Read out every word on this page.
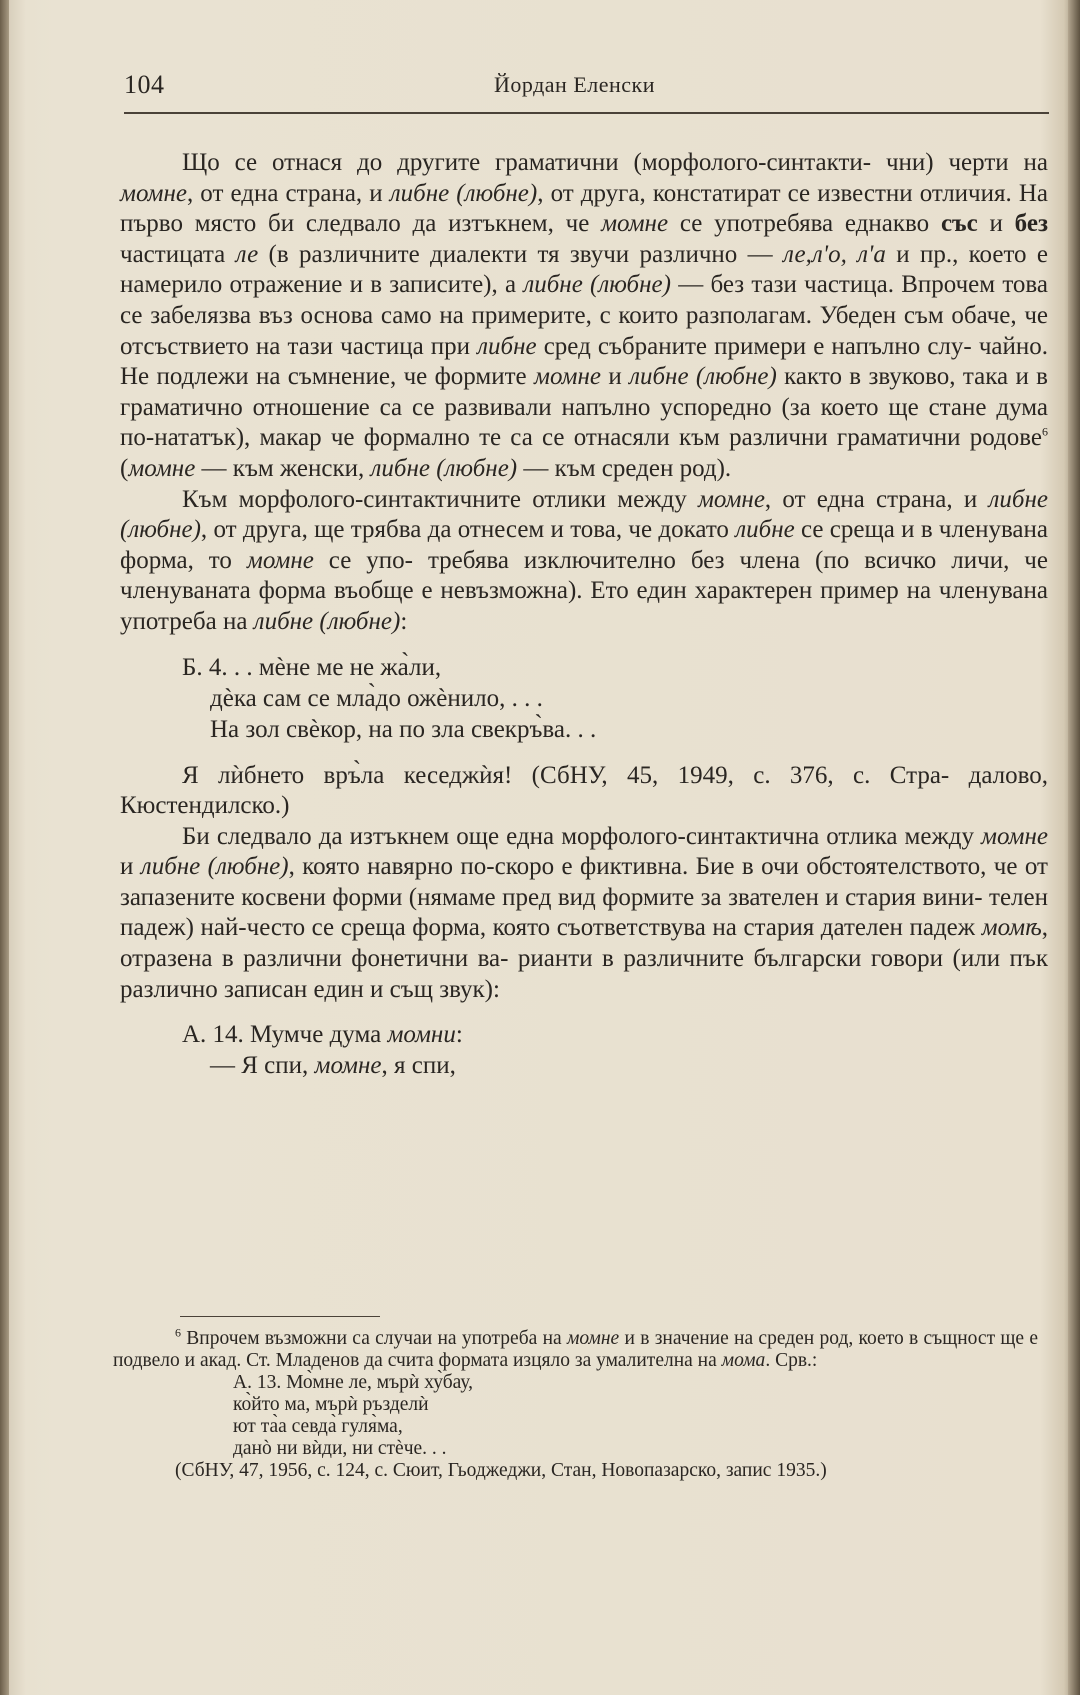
104	Йордан Еленски

Що се отнася до другите граматични (морфолого-синтакти- чни) черти на момне, от една страна, и либне (любне), от друга, констатират се известни отличия. На първо място би следвало да изтъкнем, че момне се употребява еднакво със и без частицата ле (в различните диалекти тя звучи различно — ле,л'о, л'а и пр., което е намерило отражение и в записите), а либне (любне) — без тази частица. Впрочем това се забелязва въз основа само на примерите, с които разполагам. Убеден съм обаче, че отсъствието на тази частица при либне сред събраните примери е напълно слу- чайно. Не подлежи на съмнение, че формите момне и либне (любне) както в звуково, така и в граматично отношение са се развивали напълно успоредно (за което ще стане дума по-нататък), макар че формално те са се отнасяли към различни граматични родове$^6$ (момне — към женски, либне (любне) — към среден род).

Към морфолого-синтактичните отлики между момне, от една страна, и либне (любне), от друга, ще трябва да отнесем и това, че докато либне се среща и в членувана форма, то момне се упо- требява изключително без члена (по всичко личи, че членуваната форма въобще е невъзможна). Ето един характерен пример на членувана употреба на либне (любне):

Б. 4. . . мѐне ме не жа̀ли,
дѐка сам се мла̀до ожѐнило, . . .
На зол свѐкор, на по зла свекръ̀ва. . .

Я лѝбнето връ̀ла кеседжѝя! (СбНУ, 45, 1949, с. 376, с. Стра- далово, Кюстендилско.)

Би следвало да изтъкнем още една морфолого-синтактична отлика между момне и либне (любне), която навярно по-скоро е фиктивна. Бие в очи обстоятелството, че от запазените косвени форми (нямаме пред вид формите за звателен и стария вини- телен падеж) най-често се среща форма, която съответствува на стария дателен падеж момѣ, отразена в различни фонетични ва- рианти в различните български говори (или пък различно записан един и същ звук):

А. 14. Мумче дума момни:
— Я спи, момне, я спи,

$^6$ Впрочем възможни са случаи на употреба на момне и в значение на среден род, което в същност ще е подвело и акад. Ст. Младенов да счита формата изцяло за умалителна на мома. Срв.:

А. 13. Мо̀мне ле, мърѝ ху̀бау,
ко̀йто ма, мърѝ ръзделѝ
ют та̀а севда̀ гуля̀ма,
данò ни вѝди, ни стѐче. . .

(СбНУ, 47, 1956, с. 124, с. Сюит, Гьоджеджи, Стан, Новопазарско, запис 1935.)
